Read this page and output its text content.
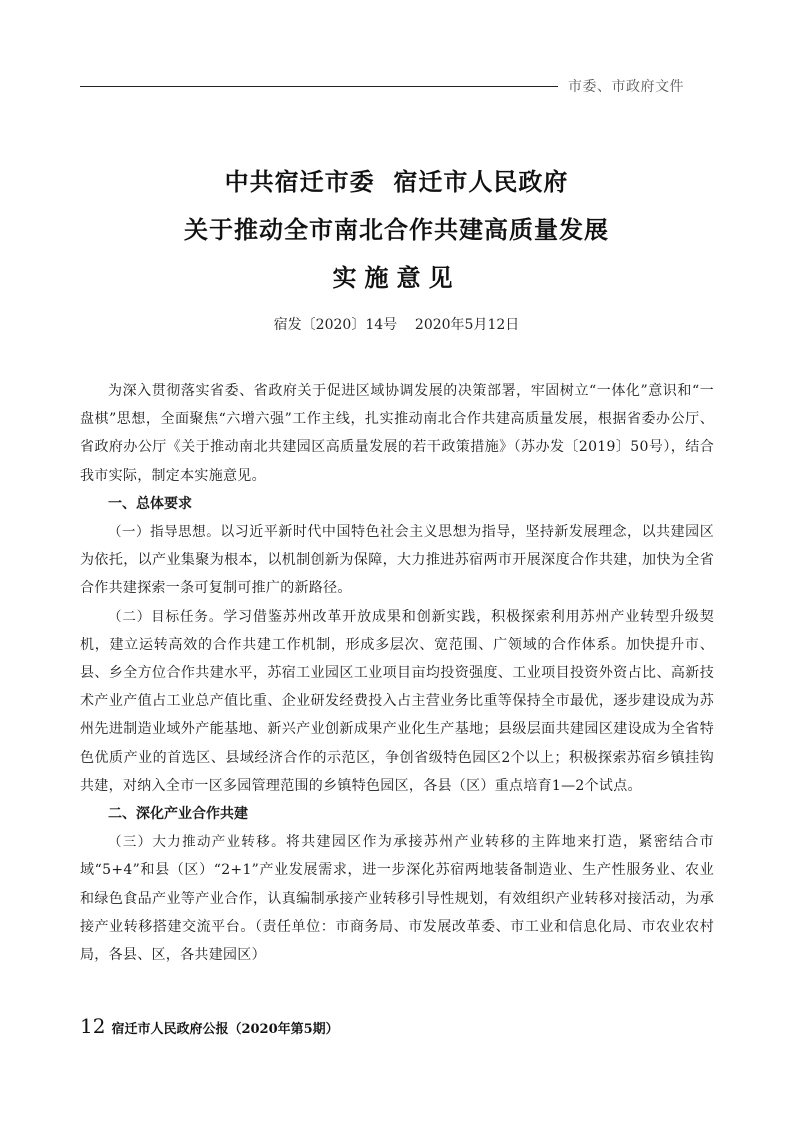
市委、市政府文件
中共宿迁市委  宿迁市人民政府
关于推动全市南北合作共建高质量发展
实施意见
宿发〔2020〕14号    2020年5月12日

为深入贯彻落实省委、省政府关于促进区域协调发展的决策部署，牢固树立“一体化”意识和“一盘棋”思想，全面聚焦“六增六强”工作主线，扎实推动南北合作共建高质量发展，根据省委办公厅、省政府办公厅《关于推动南北共建园区高质量发展的若干政策措施》（苏办发〔2019〕50号），结合我市实际，制定本实施意见。

一、总体要求

（一）指导思想。以习近平新时代中国特色社会主义思想为指导，坚持新发展理念，以共建园区为依托，以产业集聚为根本，以机制创新为保障，大力推进苏宿两市开展深度合作共建，加快为全省合作共建探索一条可复制可推广的新路径。

（二）目标任务。学习借鉴苏州改革开放成果和创新实践，积极探索利用苏州产业转型升级契机，建立运转高效的合作共建工作机制，形成多层次、宽范围、广领域的合作体系。加快提升市、县、乡全方位合作共建水平，苏宿工业园区工业项目亩均投资强度、工业项目投资外资占比、高新技术产业产值占工业总产值比重、企业研发经费投入占主营业务比重等保持全市最优，逐步建设成为苏州先进制造业域外产能基地、新兴产业创新成果产业化生产基地；县级层面共建园区建设成为全省特色优质产业的首选区、县域经济合作的示范区，争创省级特色园区2个以上；积极探索苏宿乡镇挂钩共建，对纳入全市一区多园管理范围的乡镇特色园区，各县（区）重点培育1—2个试点。

二、深化产业合作共建

（三）大力推动产业转移。将共建园区作为承接苏州产业转移的主阵地来打造，紧密结合市域“5+4”和县（区）“2+1”产业发展需求，进一步深化苏宿两地装备制造业、生产性服务业、农业和绿色食品产业等产业合作，认真编制承接产业转移引导性规划，有效组织产业转移对接活动，为承接产业转移搭建交流平台。（责任单位：市商务局、市发展改革委、市工业和信息化局、市农业农村局，各县、区，各共建园区）

12 宿迁市人民政府公报（2020年第5期）
